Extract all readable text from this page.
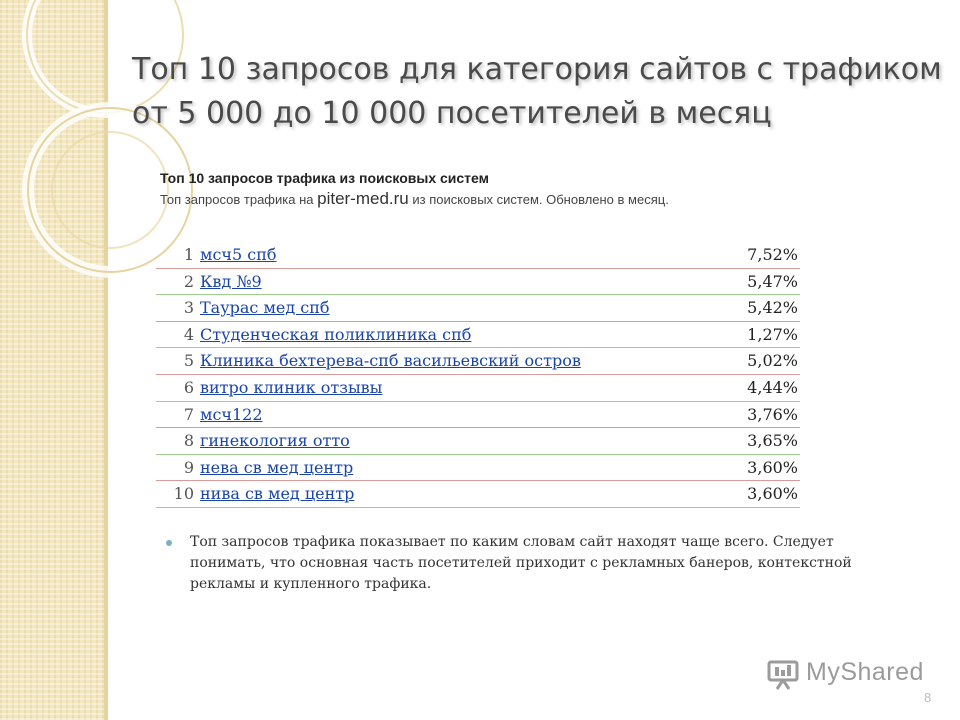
Топ 10 запросов для категория сайтов с трафиком от 5 000 до 10 000 посетителей в месяц
Топ 10 запросов трафика из поисковых систем
Топ запросов трафика на piter-med.ru из поисковых систем. Обновлено в месяц.
1 мсч5 спб	7,52%
2 Квд №9	5,47%
3 Таурас мед спб	5,42%
4 Студенческая поликлиника спб	1,27%
5 Клиника бехтерева-спб васильевский остров	5,02%
6 витро клиник отзывы	4,44%
7 мсч122	3,76%
8 гинекология отто	3,65%
9 нева св мед центр	3,60%
10 нива св мед центр	3,60%
Топ запросов трафика показывает по каким словам сайт находят чаще всего. Следует понимать, что основная часть посетителей приходит с рекламных банеров, контекстной рекламы и купленного трафика.
MyShared
8
